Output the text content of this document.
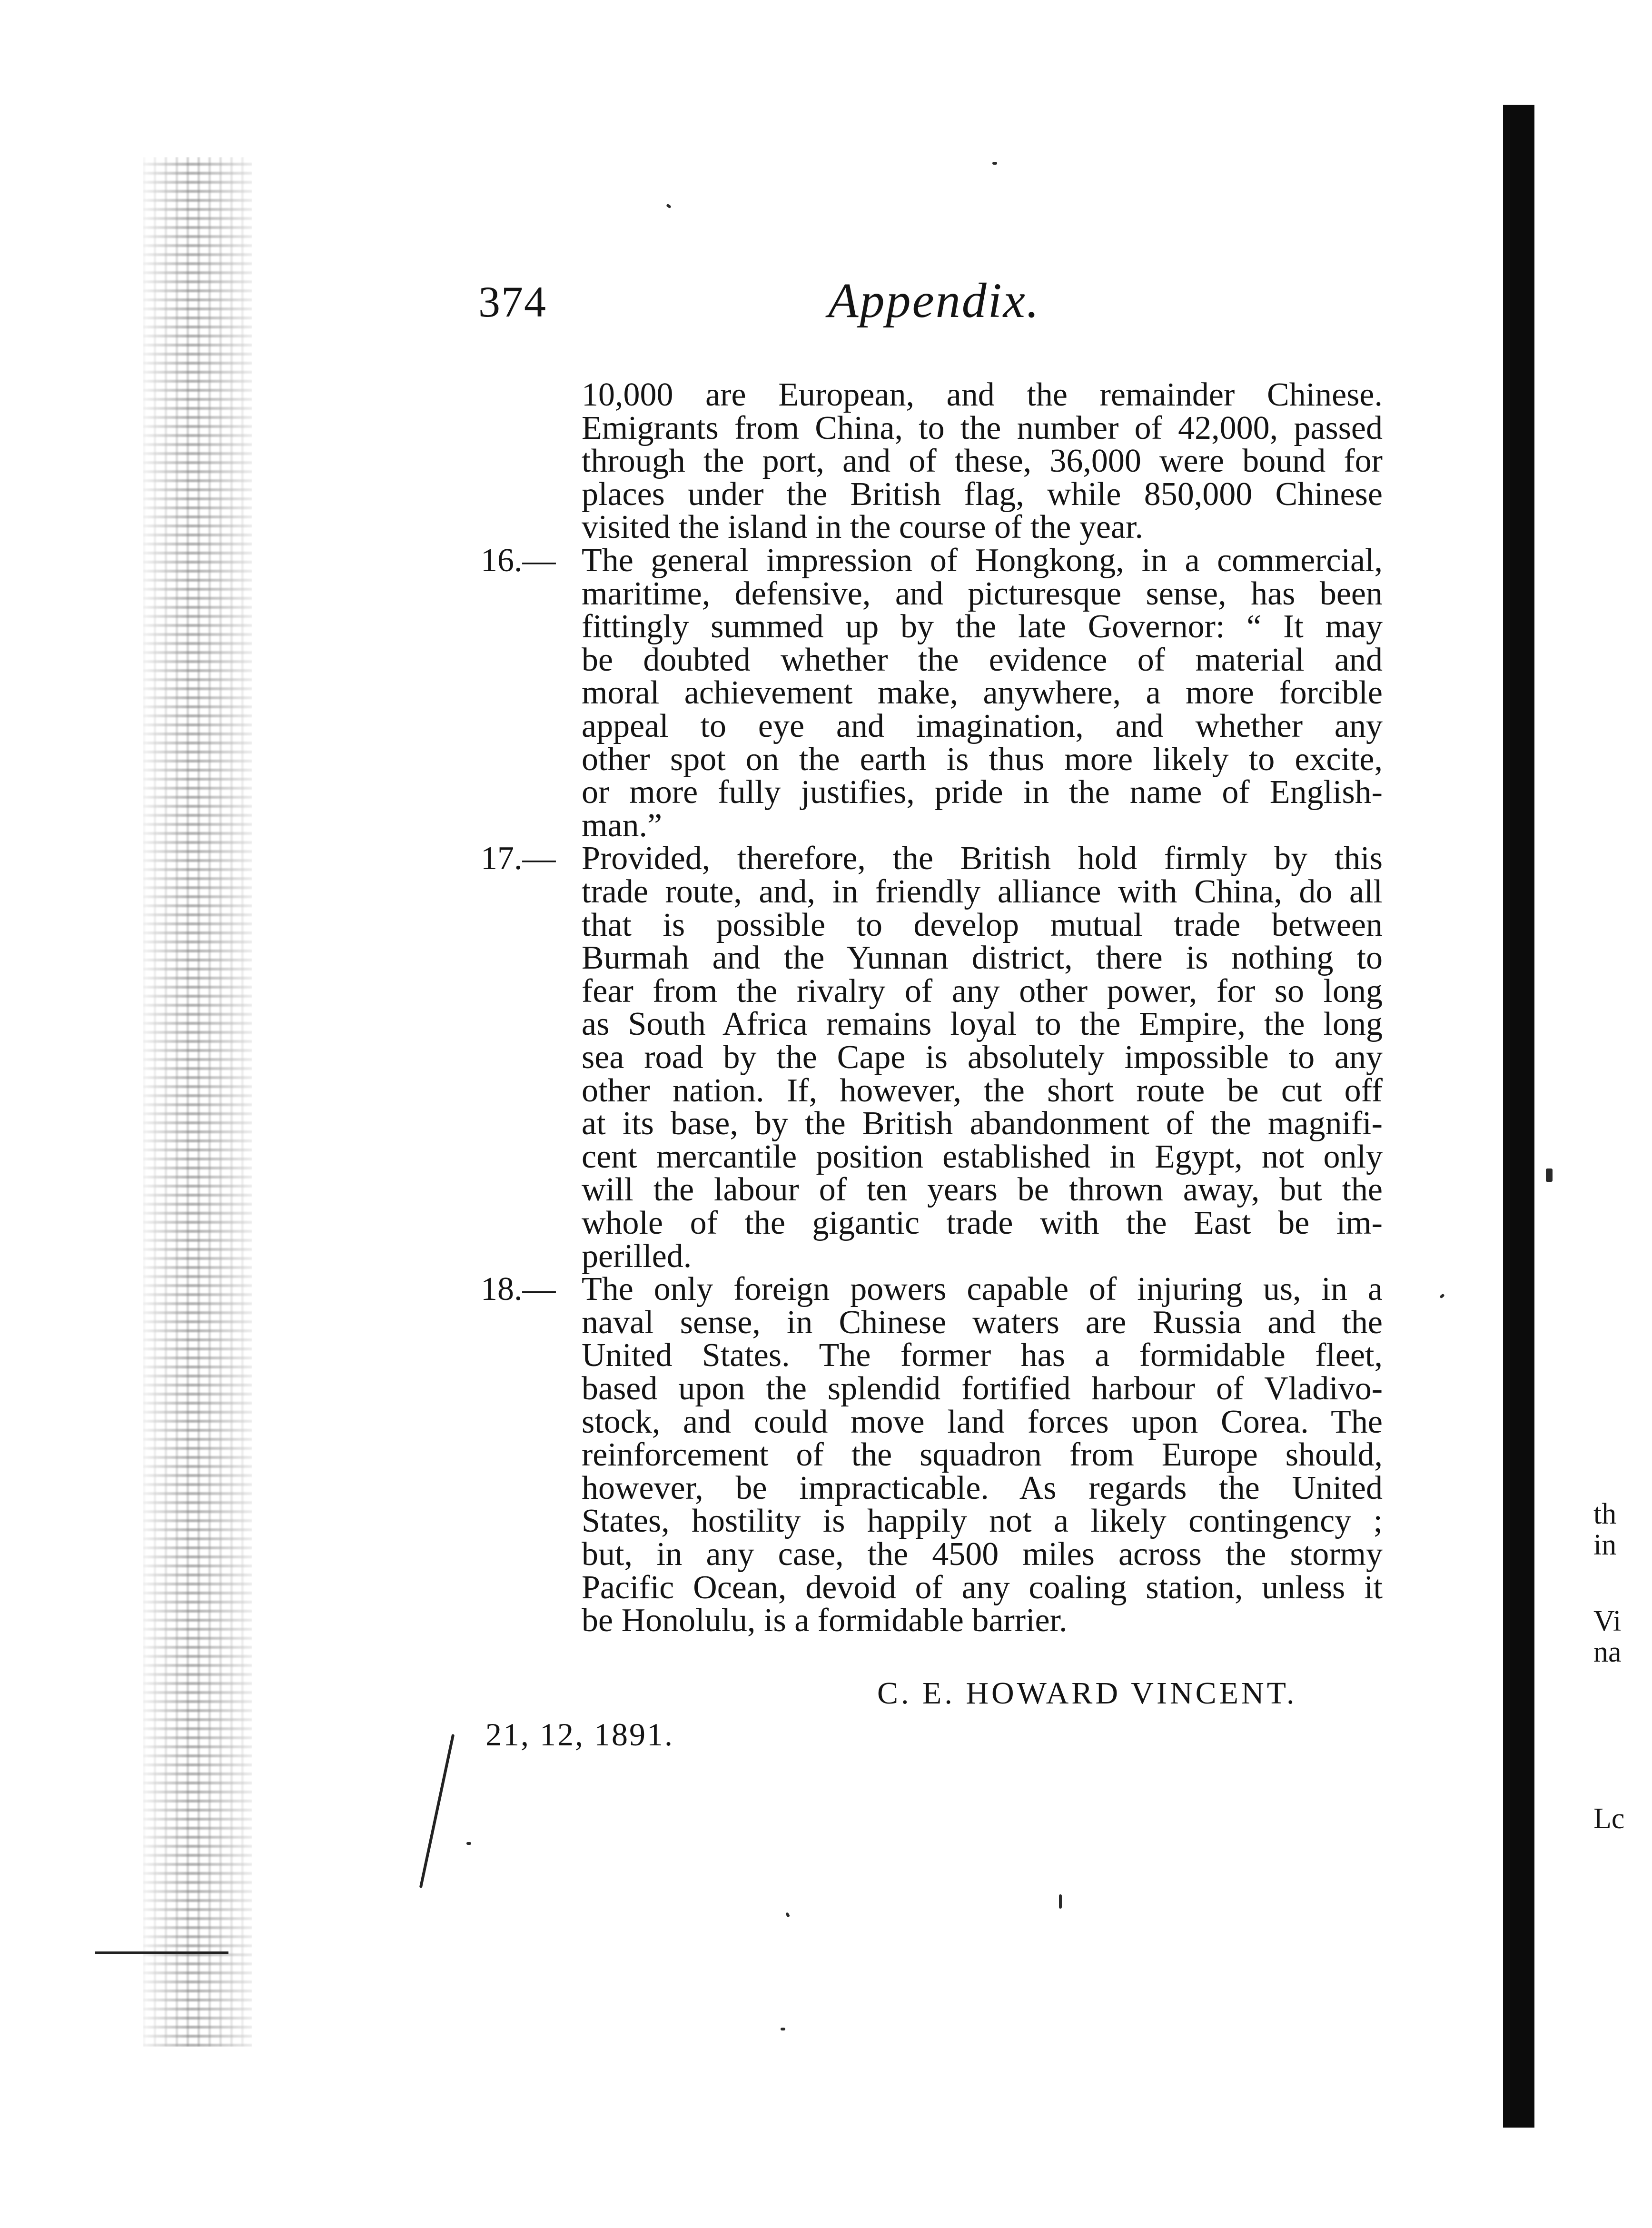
374	Appendix.
10,000 are European, and the remainder Chinese.
Emigrants from China, to the number of 42,000, passed
through the port, and of these, 36,000 were bound for
places under the British flag, while 850,000 Chinese
visited the island in the course of the year.
16.— The general impression of Hongkong, in a commercial,
maritime, defensive, and picturesque sense, has been
fittingly summed up by the late Governor: “ It may
be doubted whether the evidence of material and
moral achievement make, anywhere, a more forcible
appeal to eye and imagination, and whether any
other spot on the earth is thus more likely to excite,
or more fully justifies, pride in the name of English-
man.”
17.— Provided, therefore, the British hold firmly by this
trade route, and, in friendly alliance with China, do all
that is possible to develop mutual trade between
Burmah and the Yunnan district, there is nothing to
fear from the rivalry of any other power, for so long
as South Africa remains loyal to the Empire, the long
sea road by the Cape is absolutely impossible to any
other nation. If, however, the short route be cut off
at its base, by the British abandonment of the magnifi-
cent mercantile position established in Egypt, not only
will the labour of ten years be thrown away, but the
whole of the gigantic trade with the East be im-
perilled.
18.— The only foreign powers capable of injuring us, in a
naval sense, in Chinese waters are Russia and the
United States. The former has a formidable fleet,
based upon the splendid fortified harbour of Vladivo-
stock, and could move land forces upon Corea. The
reinforcement of the squadron from Europe should,
however, be impracticable. As regards the United
States, hostility is happily not a likely contingency ;
but, in any case, the 4500 miles across the stormy
Pacific Ocean, devoid of any coaling station, unless it
be Honolulu, is a formidable barrier.
C. E. HOWARD VINCENT.
21, 12, 1891.
th
in
Vi
na
Lc
